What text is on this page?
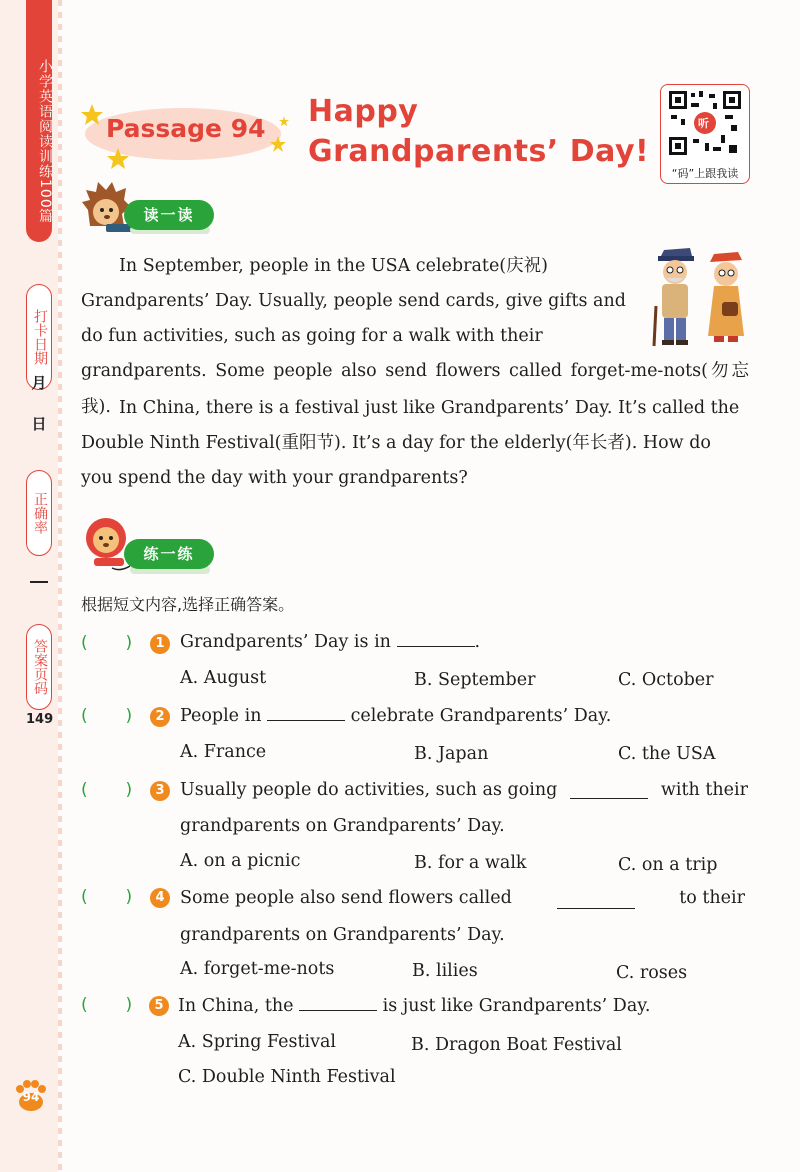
小学英语阅读训练100篇
打卡日期
月
日
正确率
答案页码
149
94
Passage 94 Happy Grandparents’ Day!
听
“码”上跟我读
读一读
In September, people in the USA celebrate(庆祝)
Grandparents’ Day. Usually, people send cards, give gifts and
do fun activities, such as going for a walk with their
grandparents. Some people also send flowers called forget-me-nots(勿忘我). In China, there is a festival just like Grandparents’ Day. It’s called the
Double Ninth Festival(重阳节). It’s a day for the elderly(年长者). How do
you spend the day with your grandparents?
练一练
根据短文内容,选择正确答案。
(       )	1 Grandparents’ Day is in	.
A. August	B. September	C. October
(       )	2 People in	celebrate Grandparents’ Day.
A. France	B. Japan	C. the USA
(       )	3 Usually people do activities, such as going	with their
grandparents on Grandparents’ Day.
A. on a picnic	B. for a walk	C. on a trip
(       )	4 Some people also send flowers called	to their
grandparents on Grandparents’ Day.
A. forget-me-nots	B. lilies	C. roses
(       )	5 In China, the	is just like Grandparents’ Day.
A. Spring Festival	B. Dragon Boat Festival
C. Double Ninth Festival
